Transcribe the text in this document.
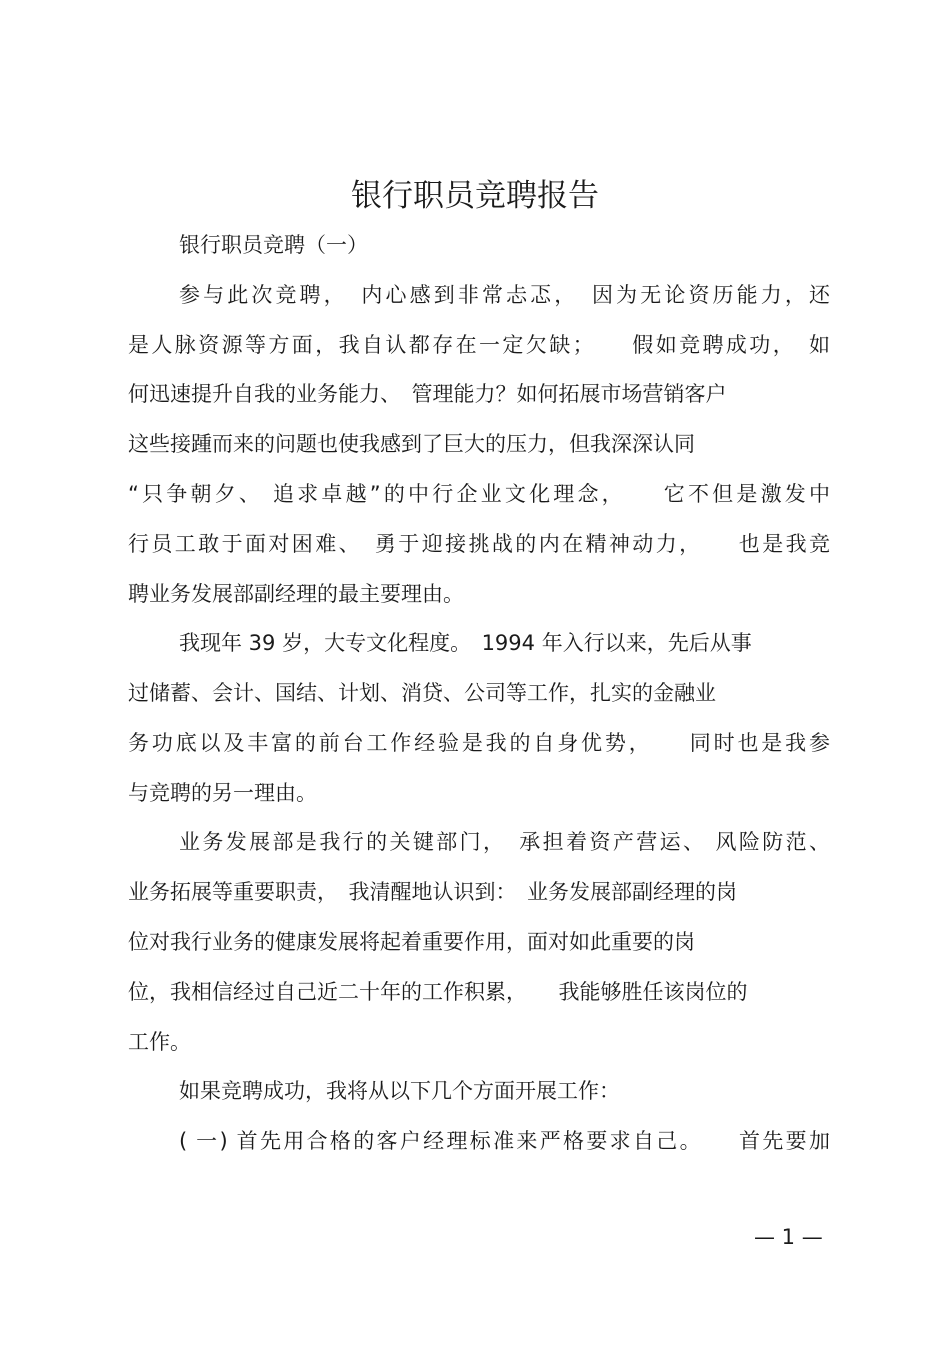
银行职员竞聘报告
银行职员竞聘（一）
参与此次竞聘，　内心感到非常忐忑，　因为无论资历能力，还
是人脉资源等方面，我自认都存在一定欠缺；　　假如竞聘成功，　如
何迅速提升自我的业务能力、　管理能力？如何拓展市场营销客户
这些接踵而来的问题也使我感到了巨大的压力，但我深深认同
“只争朝夕、 追求卓越”的中行企业文化理念，　　它不但是激发中
行员工敢于面对困难、　勇于迎接挑战的内在精神动力，　　也是我竞
聘业务发展部副经理的最主要理由。
我现年 39 岁，大专文化程度。　1994 年入行以来，先后从事
过储蓄、会计、国结、计划、消贷、公司等工作，扎实的金融业
务功底以及丰富的前台工作经验是我的自身优势，　　同时也是我参
与竞聘的另一理由。
业务发展部是我行的关键部门，　承担着资产营运、 风险防范、
业务拓展等重要职责，　我清醒地认识到：　业务发展部副经理的岗
位对我行业务的健康发展将起着重要作用，面对如此重要的岗
位，我相信经过自己近二十年的工作积累，　　我能够胜任该岗位的
工作。
如果竞聘成功，我将从以下几个方面开展工作：
( 一) 首先用合格的客户经理标准来严格要求自己。　　首先要加
— 1 —
